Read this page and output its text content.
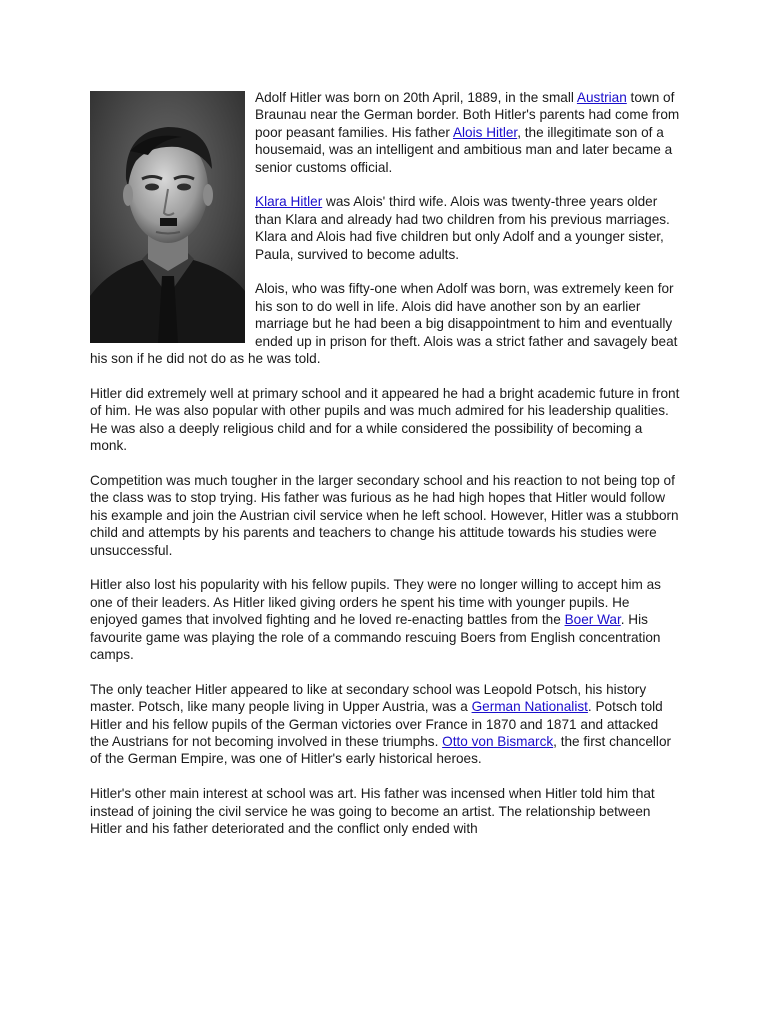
Adolf Hitler was born on 20th April, 1889, in the small Austrian town of Braunau near the German border. Both Hitler's parents had come from poor peasant families. His father Alois Hitler, the illegitimate son of a housemaid, was an intelligent and ambitious man and later became a senior customs official.

Klara Hitler was Alois' third wife. Alois was twenty-three years older than Klara and already had two children from his previous marriages. Klara and Alois had five children but only Adolf and a younger sister, Paula, survived to become adults.

Alois, who was fifty-one when Adolf was born, was extremely keen for his son to do well in life. Alois did have another son by an earlier marriage but he had been a big disappointment to him and eventually ended up in prison for theft. Alois was a strict father and savagely beat his son if he did not do as he was told.

Hitler did extremely well at primary school and it appeared he had a bright academic future in front of him. He was also popular with other pupils and was much admired for his leadership qualities. He was also a deeply religious child and for a while considered the possibility of becoming a monk.

Competition was much tougher in the larger secondary school and his reaction to not being top of the class was to stop trying. His father was furious as he had high hopes that Hitler would follow his example and join the Austrian civil service when he left school. However, Hitler was a stubborn child and attempts by his parents and teachers to change his attitude towards his studies were unsuccessful.

Hitler also lost his popularity with his fellow pupils. They were no longer willing to accept him as one of their leaders. As Hitler liked giving orders he spent his time with younger pupils. He enjoyed games that involved fighting and he loved re-enacting battles from the Boer War. His favourite game was playing the role of a commando rescuing Boers from English concentration camps.

The only teacher Hitler appeared to like at secondary school was Leopold Potsch, his history master. Potsch, like many people living in Upper Austria, was a German Nationalist. Potsch told Hitler and his fellow pupils of the German victories over France in 1870 and 1871 and attacked the Austrians for not becoming involved in these triumphs. Otto von Bismarck, the first chancellor of the German Empire, was one of Hitler's early historical heroes.

Hitler's other main interest at school was art. His father was incensed when Hitler told him that instead of joining the civil service he was going to become an artist. The relationship between Hitler and his father deteriorated and the conflict only ended with
